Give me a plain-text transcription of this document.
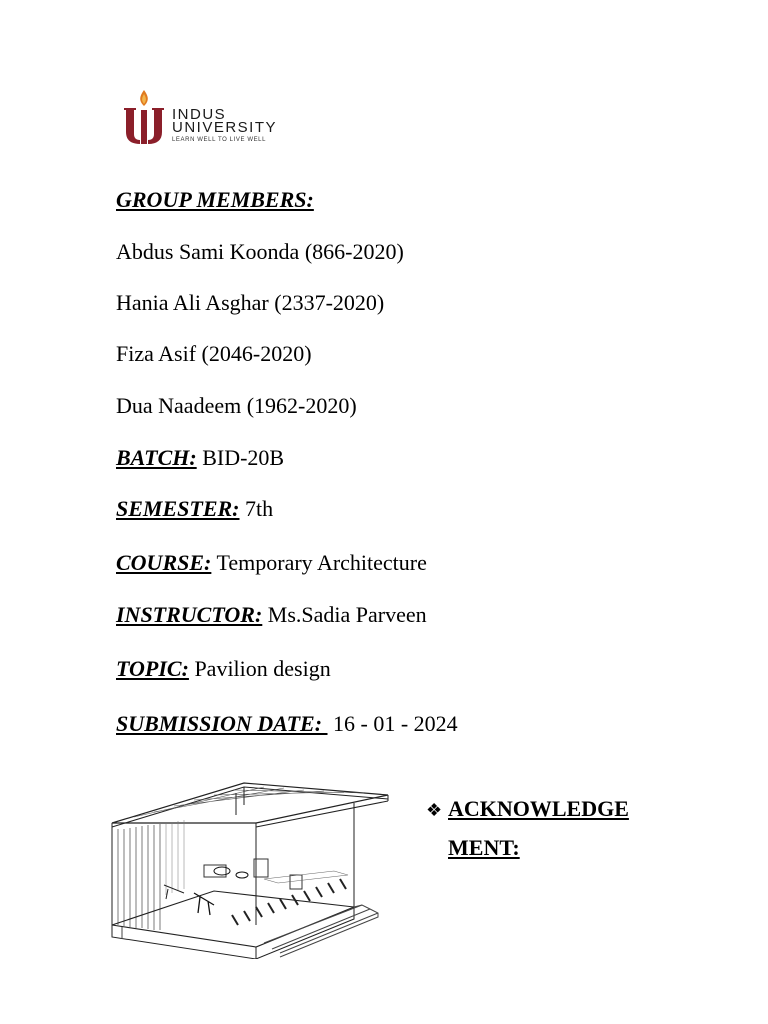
INDUS
UNIVERSITY
LEARN WELL TO LIVE WELL
GROUP MEMBERS:
Abdus Sami Koonda (866-2020)
Hania Ali Asghar (2337-2020)
Fiza Asif (2046-2020)
Dua Naadeem (1962-2020)
BATCH: BID-20B
SEMESTER: 7th
COURSE: Temporary Architecture
INSTRUCTOR: Ms.Sadia Parveen
TOPIC: Pavilion design
SUBMISSION DATE:  16 - 01 - 2024
❖ ACKNOWLEDGE
MENT:
